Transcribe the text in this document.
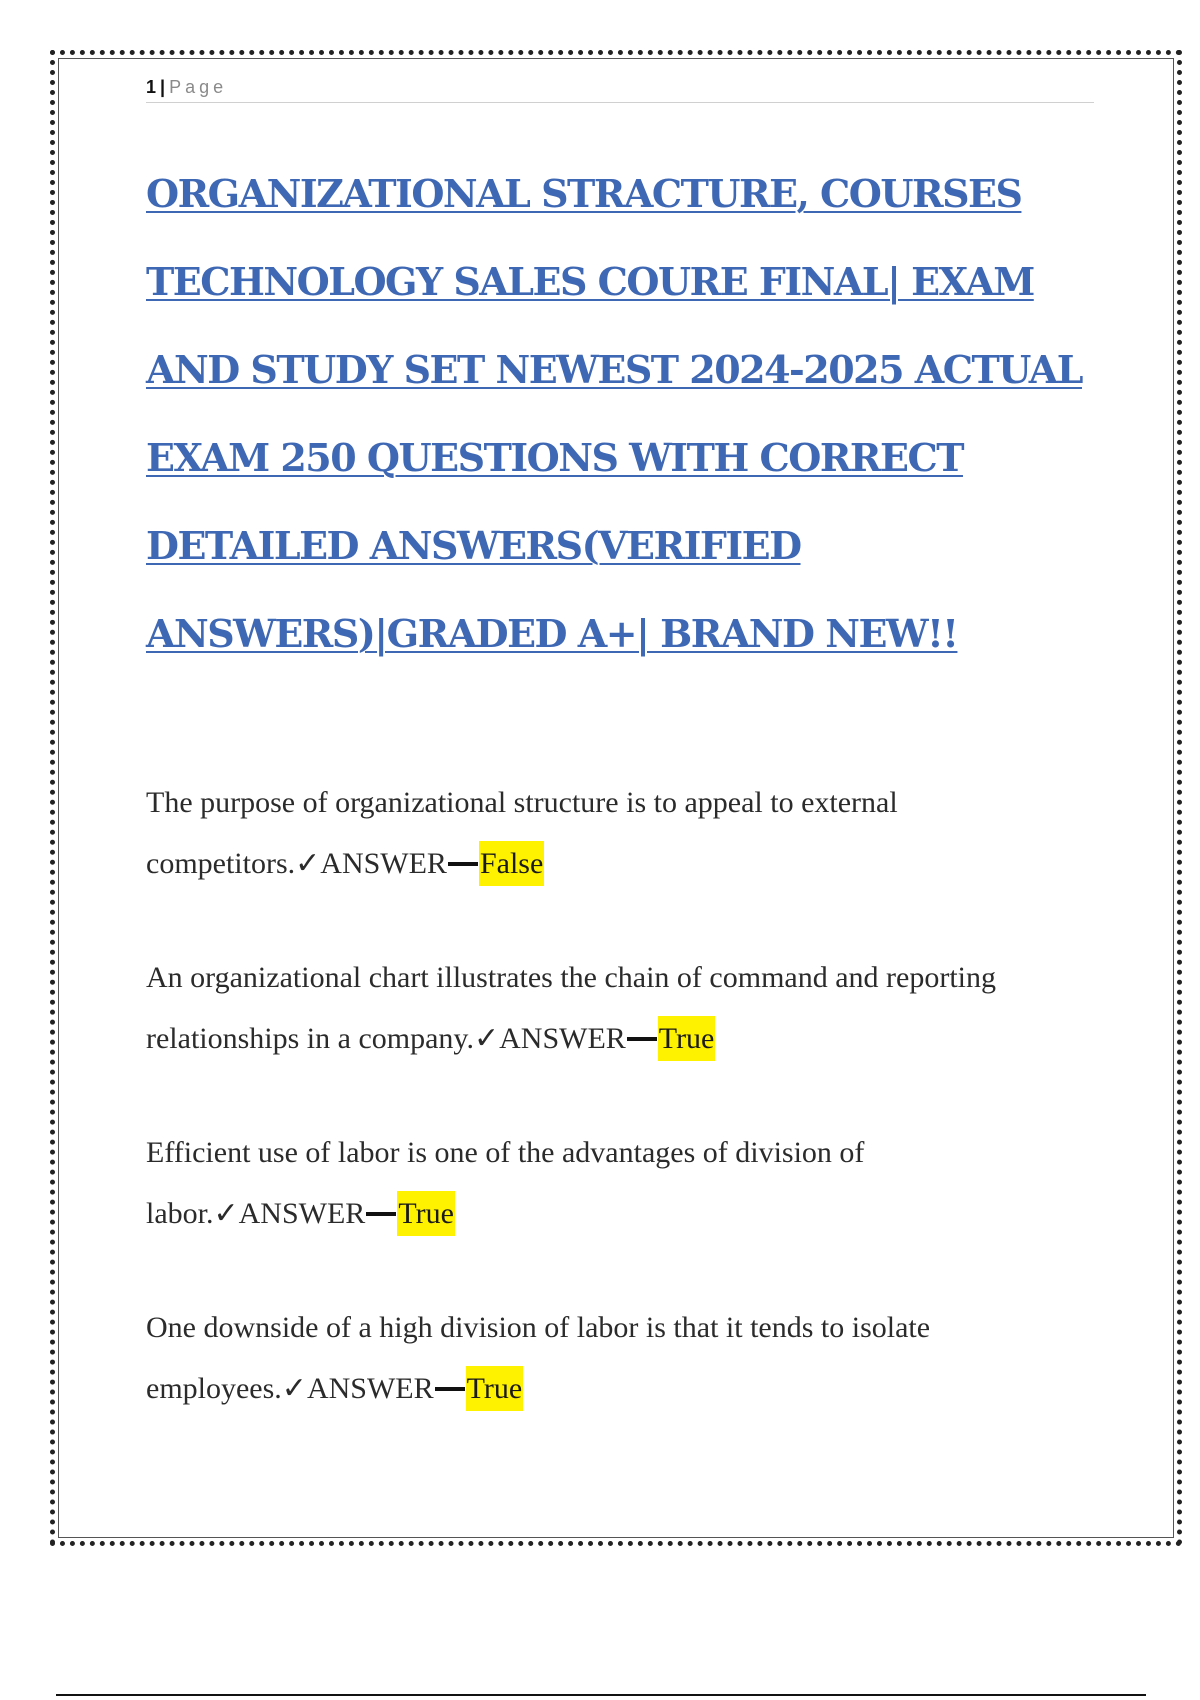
1 | Page
ORGANIZATIONAL STRACTURE, COURSES
TECHNOLOGY SALES COURE FINAL| EXAM
AND STUDY SET NEWEST 2024-2025 ACTUAL
EXAM 250 QUESTIONS WITH CORRECT
DETAILED ANSWERS(VERIFIED
ANSWERS)|GRADED A+| BRAND NEW!!

The purpose of organizational structure is to appeal to external competitors.✓ANSWER False

An organizational chart illustrates the chain of command and reporting relationships in a company.✓ANSWER True

Efficient use of labor is one of the advantages of division of labor.✓ANSWER True

One downside of a high division of labor is that it tends to isolate employees.✓ANSWER True
